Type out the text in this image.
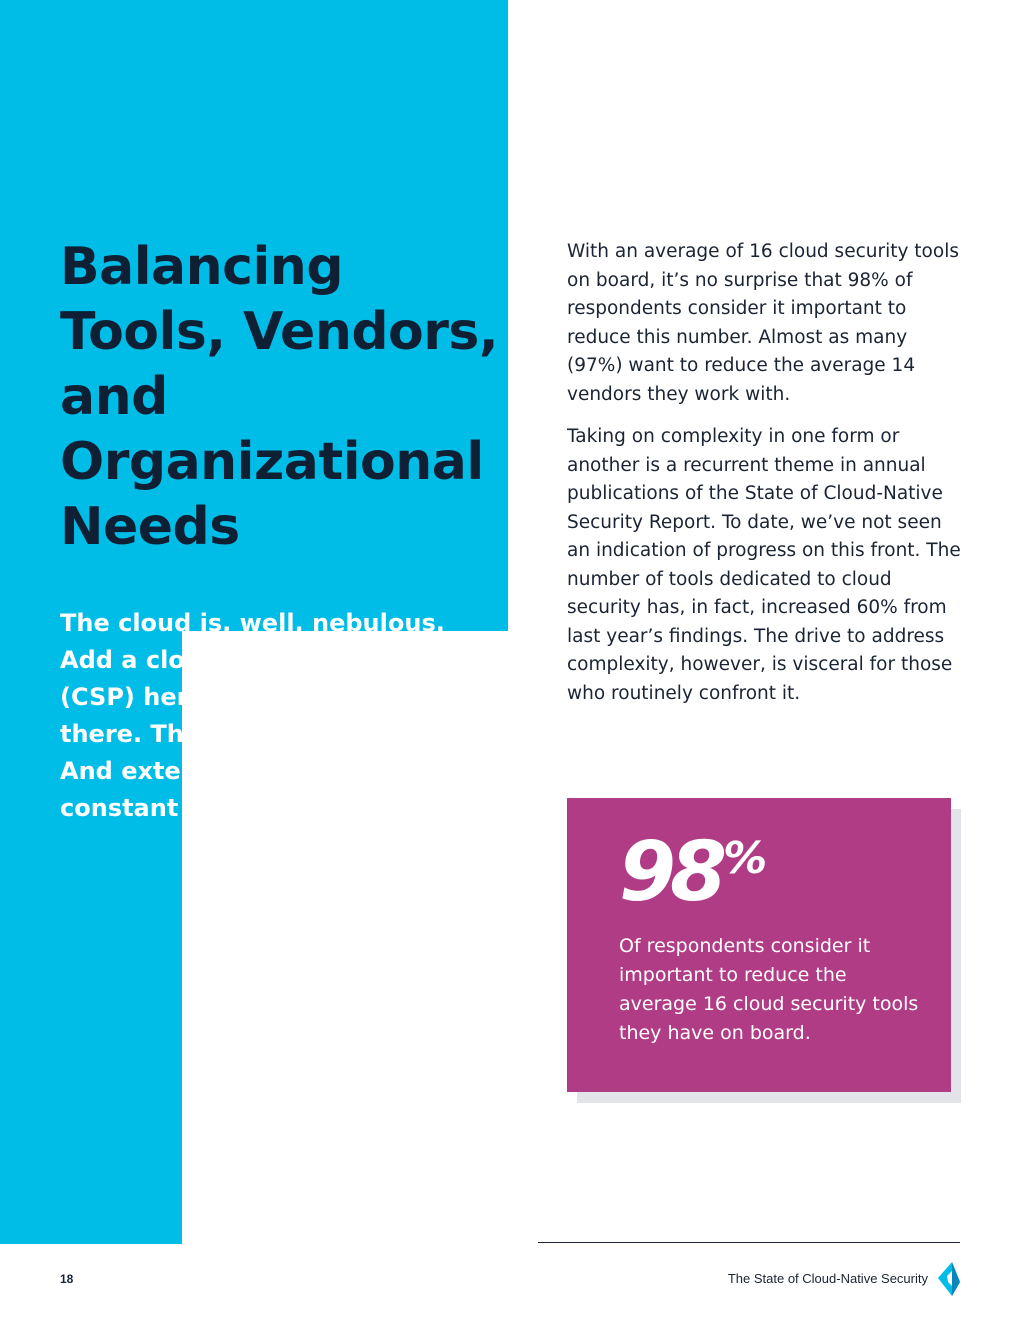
Balancing Tools, Vendors, and Organizational Needs
The cloud is, well, nebulous. Add a cloud service provider (CSP) here, a vendor tool there. The complexity grows. And external complexity is a constant companion.

With an average of 16 cloud security tools on board, it’s no surprise that 98% of respondents consider it important to reduce this number. Almost as many (97%) want to reduce the average 14 vendors they work with.

Taking on complexity in one form or another is a recurrent theme in annual publications of the State of Cloud-Native Security Report. To date, we’ve not seen an indication of progress on this front. The number of tools dedicated to cloud security has, in fact, increased 60% from last year’s findings. The drive to address complexity, however, is visceral for those who routinely confront it.

98 %
Of respondents consider it important to reduce the average 16 cloud security tools they have on board.
18	The State of Cloud-Native Security
